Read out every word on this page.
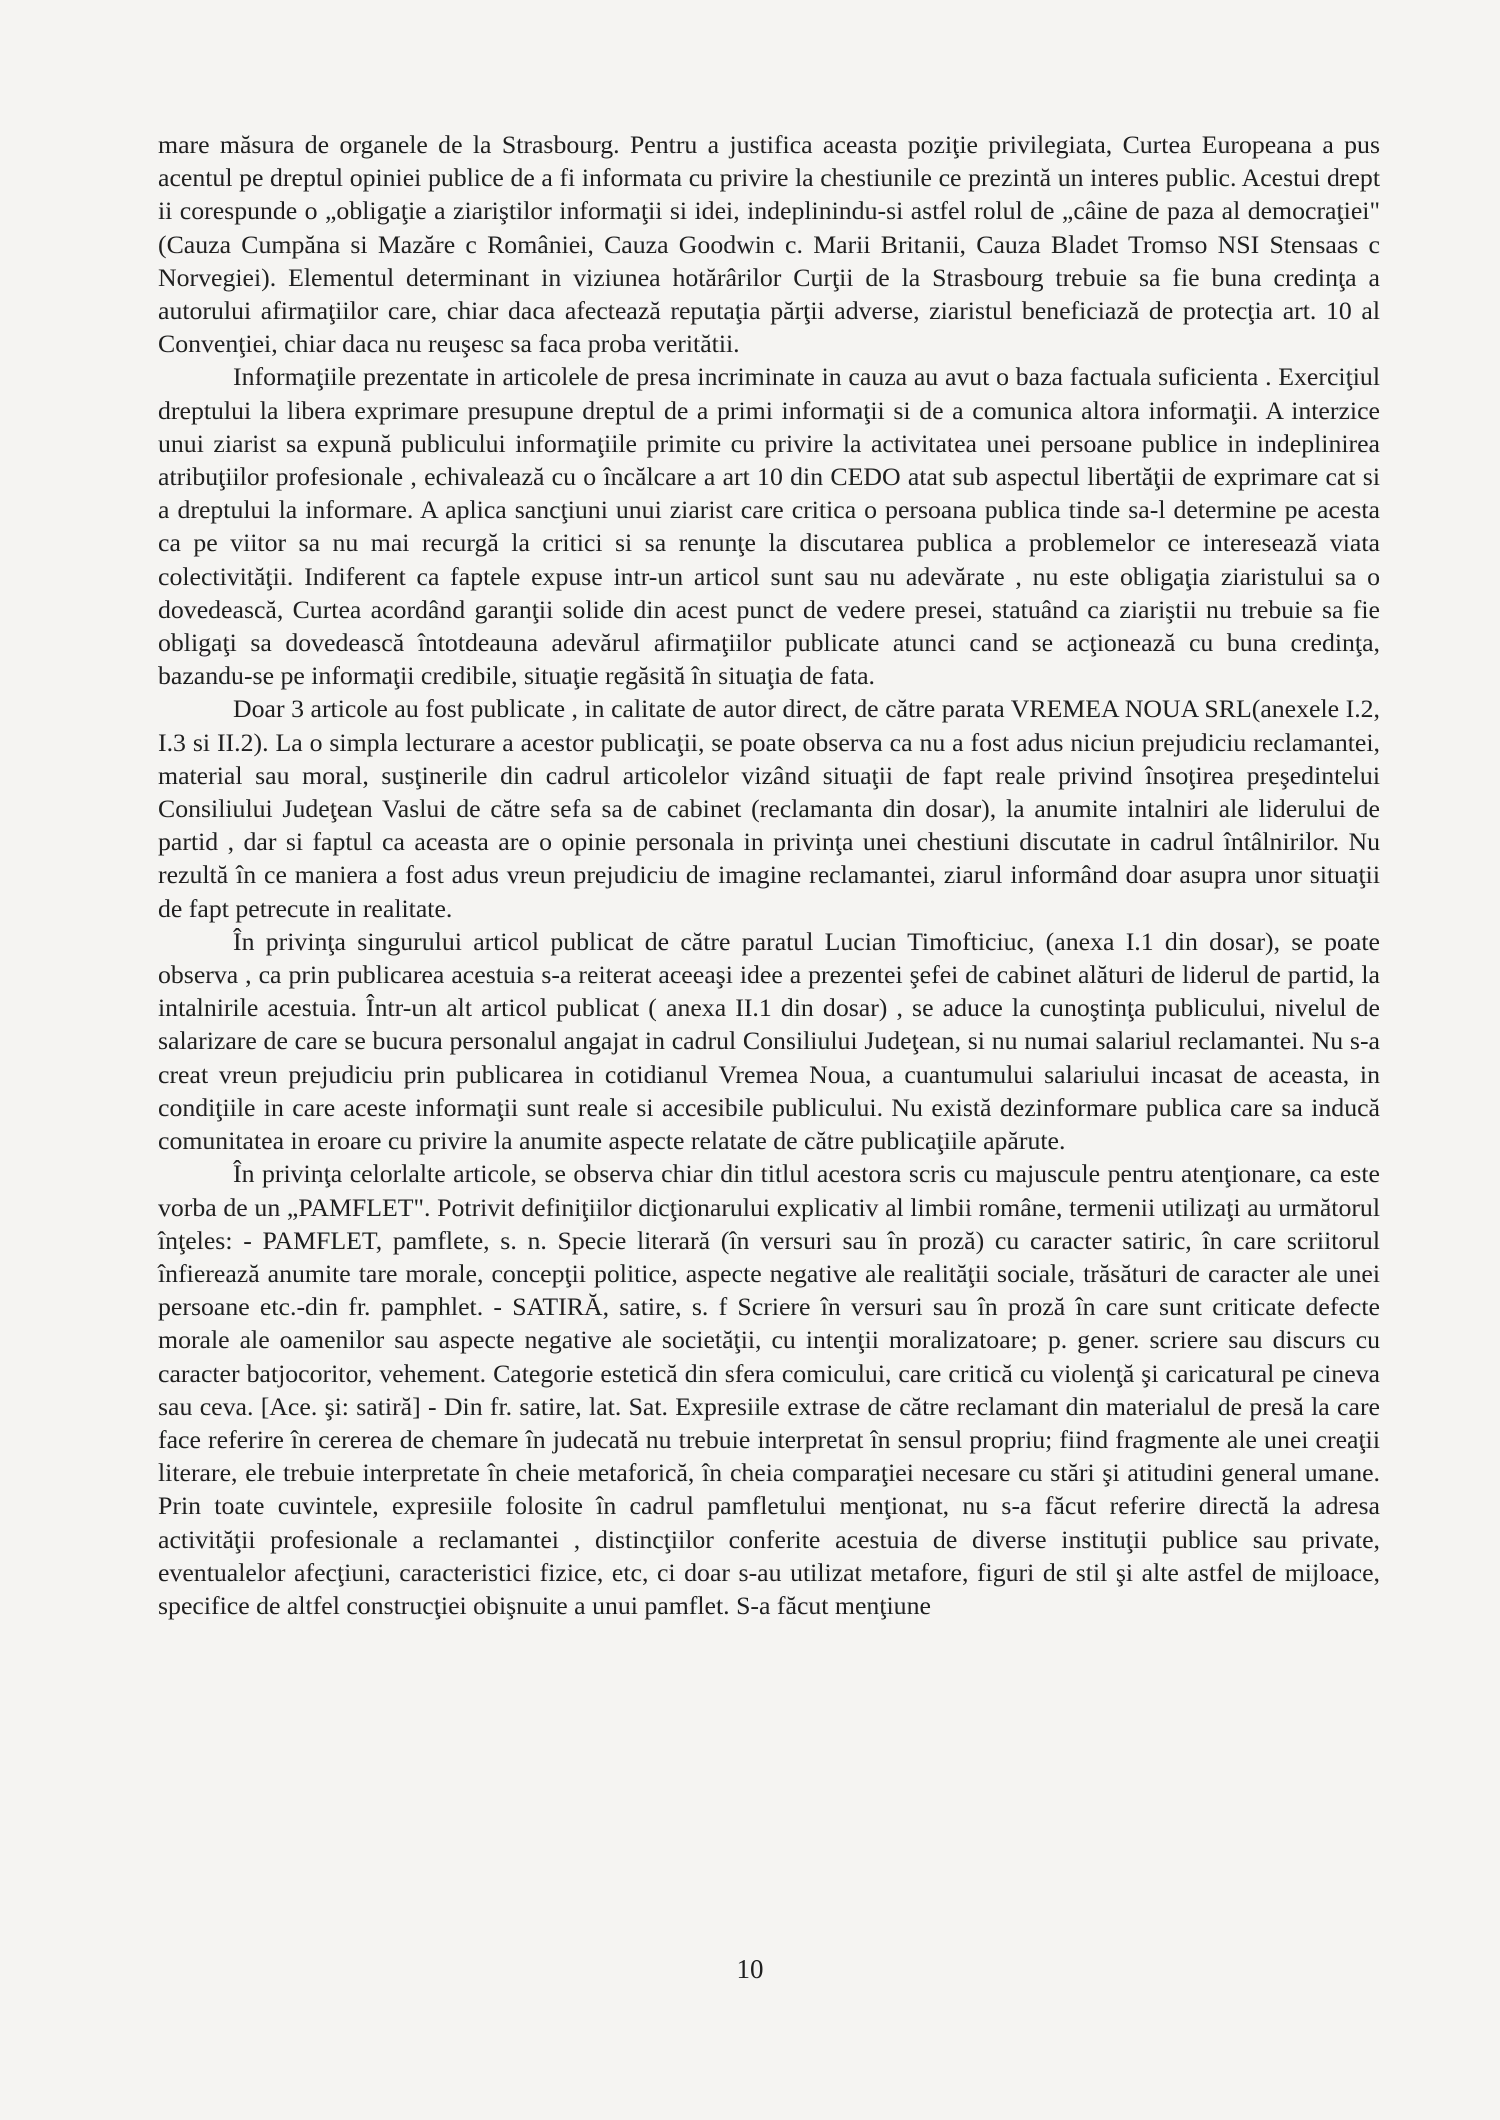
mare măsura de organele de la Strasbourg. Pentru a justifica aceasta poziţie privilegiata, Curtea Europeana a pus acentul pe dreptul opiniei publice de a fi informata cu privire la chestiunile ce prezintă un interes public. Acestui drept ii corespunde o „obligaţie a ziariştilor informaţii si idei, indeplinindu-si astfel rolul de „câine de paza al democraţiei" (Cauza Cumpăna si Mazăre c României, Cauza Goodwin c. Marii Britanii, Cauza Bladet Tromso NSI Stensaas c Norvegiei). Elementul determinant in viziunea hotărârilor Curţii de la Strasbourg trebuie sa fie buna credinţa a autorului afirmaţiilor care, chiar daca afectează reputaţia părţii adverse, ziaristul beneficiază de protecţia art. 10 al Convenţiei, chiar daca nu reuşesc sa faca proba veritătii.

Informaţiile prezentate in articolele de presa incriminate in cauza au avut o baza factuala suficienta . Exerciţiul dreptului la libera exprimare presupune dreptul de a primi informaţii si de a comunica altora informaţii. A interzice unui ziarist sa expună publicului informaţiile primite cu privire la activitatea unei persoane publice in indeplinirea atribuţiilor profesionale , echivalează cu o încălcare a art 10 din CEDO atat sub aspectul libertăţii de exprimare cat si a dreptului la informare. A aplica sancţiuni unui ziarist care critica o persoana publica tinde sa-l determine pe acesta ca pe viitor sa nu mai recurgă la critici si sa renunţe la discutarea publica a problemelor ce interesează viata colectivităţii. Indiferent ca faptele expuse intr-un articol sunt sau nu adevărate , nu este obligaţia ziaristului sa o dovedească, Curtea acordând garanţii solide din acest punct de vedere presei, statuând ca ziariştii nu trebuie sa fie obligaţi sa dovedească întotdeauna adevărul afirmaţiilor publicate atunci cand se acţionează cu buna credinţa, bazandu-se pe informaţii credibile, situaţie regăsită în situaţia de fata.

Doar 3 articole au fost publicate , in calitate de autor direct, de către parata VREMEA NOUA SRL(anexele I.2, I.3 si II.2). La o simpla lecturare a acestor publicaţii, se poate observa ca nu a fost adus niciun prejudiciu reclamantei, material sau moral, susţinerile din cadrul articolelor vizând situaţii de fapt reale privind însoţirea preşedintelui Consiliului Judeţean Vaslui de către sefa sa de cabinet (reclamanta din dosar), la anumite intalniri ale liderului de partid , dar si faptul ca aceasta are o opinie personala in privinţa unei chestiuni discutate in cadrul întâlnirilor. Nu rezultă în ce maniera a fost adus vreun prejudiciu de imagine reclamantei, ziarul informând doar asupra unor situaţii de fapt petrecute in realitate.

În privinţa singurului articol publicat de către paratul Lucian Timofticiuc, (anexa I.1 din dosar), se poate observa , ca prin publicarea acestuia s-a reiterat aceeaşi idee a prezentei şefei de cabinet alături de liderul de partid, la intalnirile acestuia. Într-un alt articol publicat ( anexa II.1 din dosar) , se aduce la cunoştinţa publicului, nivelul de salarizare de care se bucura personalul angajat in cadrul Consiliului Judeţean, si nu numai salariul reclamantei. Nu s-a creat vreun prejudiciu prin publicarea in cotidianul Vremea Noua, a cuantumului salariului incasat de aceasta, in condiţiile in care aceste informaţii sunt reale si accesibile publicului. Nu există dezinformare publica care sa inducă comunitatea in eroare cu privire la anumite aspecte relatate de către publicaţiile apărute.

În privinţa celorlalte articole, se observa chiar din titlul acestora scris cu majuscule pentru atenţionare, ca este vorba de un „PAMFLET". Potrivit definiţiilor dicţionarului explicativ al limbii române, termenii utilizaţi au următorul înţeles: - PAMFLET, pamflete, s. n. Specie literară (în versuri sau în proză) cu caracter satiric, în care scriitorul înfierează anumite tare morale, concepţii politice, aspecte negative ale realităţii sociale, trăsături de caracter ale unei persoane etc.-din fr. pamphlet. - SATIRĂ, satire, s. f Scriere în versuri sau în proză în care sunt criticate defecte morale ale oamenilor sau aspecte negative ale societăţii, cu intenţii moralizatoare; p. gener. scriere sau discurs cu caracter batjocoritor, vehement. Categorie estetică din sfera comicului, care critică cu violenţă şi caricatural pe cineva sau ceva. [Ace. şi: satiră] - Din fr. satire, lat. Sat. Expresiile extrase de către reclamant din materialul de presă la care face referire în cererea de chemare în judecată nu trebuie interpretat în sensul propriu; fiind fragmente ale unei creaţii literare, ele trebuie interpretate în cheie metaforică, în cheia comparaţiei necesare cu stări şi atitudini general umane. Prin toate cuvintele, expresiile folosite în cadrul pamfletului menţionat, nu s-a făcut referire directă la adresa activităţii profesionale a reclamantei , distincţiilor conferite acestuia de diverse instituţii publice sau private, eventualelor afecţiuni, caracteristici fizice, etc, ci doar s-au utilizat metafore, figuri de stil şi alte astfel de mijloace, specifice de altfel construcţiei obişnuite a unui pamflet. S-a făcut menţiune

10
